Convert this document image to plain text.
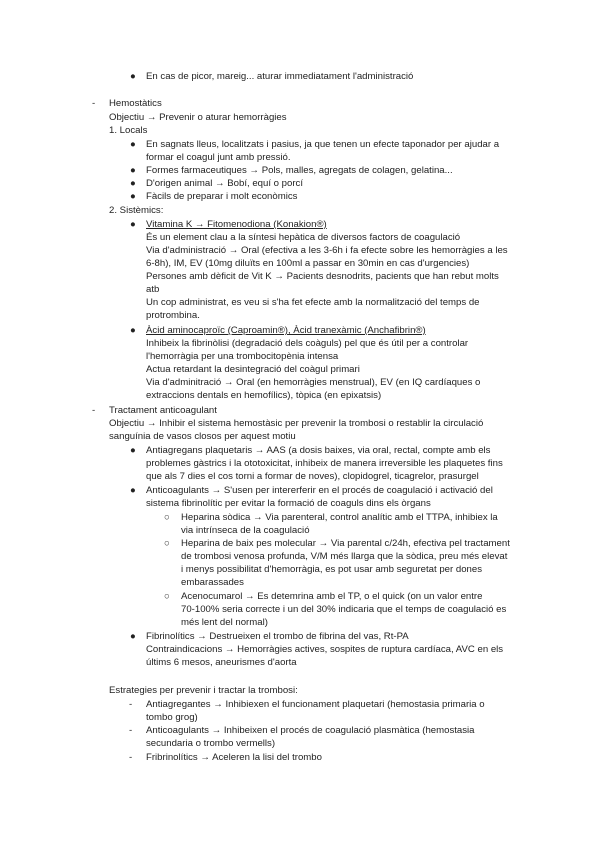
● En cas de picor, mareig... aturar immediatament l'administració
- Hemostàtics
Objectiu → Prevenir o aturar hemorràgies
1. Locals
● En sagnats lleus, localitzats i pasius, ja que tenen un efecte taponador per ajudar a
formar el coagul junt amb pressió.
● Formes farmaceutiques → Pols, malles, agregats de colagen, gelatina...
● D'origen animal → Bobí, equí o porcí
● Fàcils de preparar i molt econòmics
2. Sistèmics:
● Vitamina K → Fitomenodiona (Konakion®)
És un element clau a la síntesi hepàtica de diversos factors de coagulació
Via d'administració → Oral (efectiva a les 3-6h i fa efecte sobre les hemorràgies a les
6-8h), IM, EV (10mg diluïts en 100ml a passar en 30min en cas d'urgencies)
Persones amb dèficit de Vit K → Pacients desnodrits, pacients que han rebut molts
atb
Un cop administrat, es veu si s'ha fet efecte amb la normalització del temps de
protrombina.
● Àcid aminocaproïc (Caproamin®), Àcid tranexàmic (Anchafibrin®)
Inhibeix la fibrinòlisi (degradació dels coàguls) pel que és útil per a controlar
l'hemorràgia per una trombocitopènia intensa
Actua retardant la desintegració del coàgul primari
Via d'adminitració → Oral (en hemorràgies menstrual), EV (en IQ cardíaques o
extraccions dentals en hemofílics), tòpica (en epixatsis)
- Tractament anticoagulant
Objectiu → Inhibir el sistema hemostàsic per prevenir la trombosi o restablir la circulació
sanguínia de vasos closos per aquest motiu
● Antiagregans plaquetaris → AAS (a dosis baixes, via oral, rectal, compte amb els
problemes gàstrics i la ototoxicitat, inhibeix de manera irreversible les plaquetes fins
que als 7 dies el cos torni a formar de noves), clopidogrel, ticagrelor, prasurgel
● Anticoagulants → S'usen per intererferir en el procés de coagulació i activació del
sistema fibrinolític per evitar la formació de coaguls dins els òrgans
○ Heparina sòdica → Via parenteral, control analític amb el TTPA, inhibiex la
via intrínseca de la coagulació
○ Heparina de baix pes molecular → Via parental c/24h, efectiva pel tractament
de trombosi venosa profunda, V/M més llarga que la sòdica, preu més elevat
i menys possibilitat d'hemorràgia, es pot usar amb seguretat per dones
embarassades
○ Acenocumarol → Es detemrina amb el TP, o el quick (on un valor entre
70-100% seria correcte i un del 30% indicaria que el temps de coagulació es
més lent del normal)
● Fibrinolítics → Destrueixen el trombo de fibrina del vas, Rt-PA
Contraindicacions → Hemorràgies actives, sospites de ruptura cardíaca, AVC en els
últims 6 mesos, aneurismes d'aorta
Estrategies per prevenir i tractar la trombosi:
- Antiagregantes → Inhibiexen el funcionament plaquetari (hemostasia primaria o
tombo grog)
- Anticoagulants → Inhibeixen el procés de coagulació plasmàtica (hemostasia
secundaria o trombo vermells)
- Fribrinolítics → Aceleren la lisi del trombo
